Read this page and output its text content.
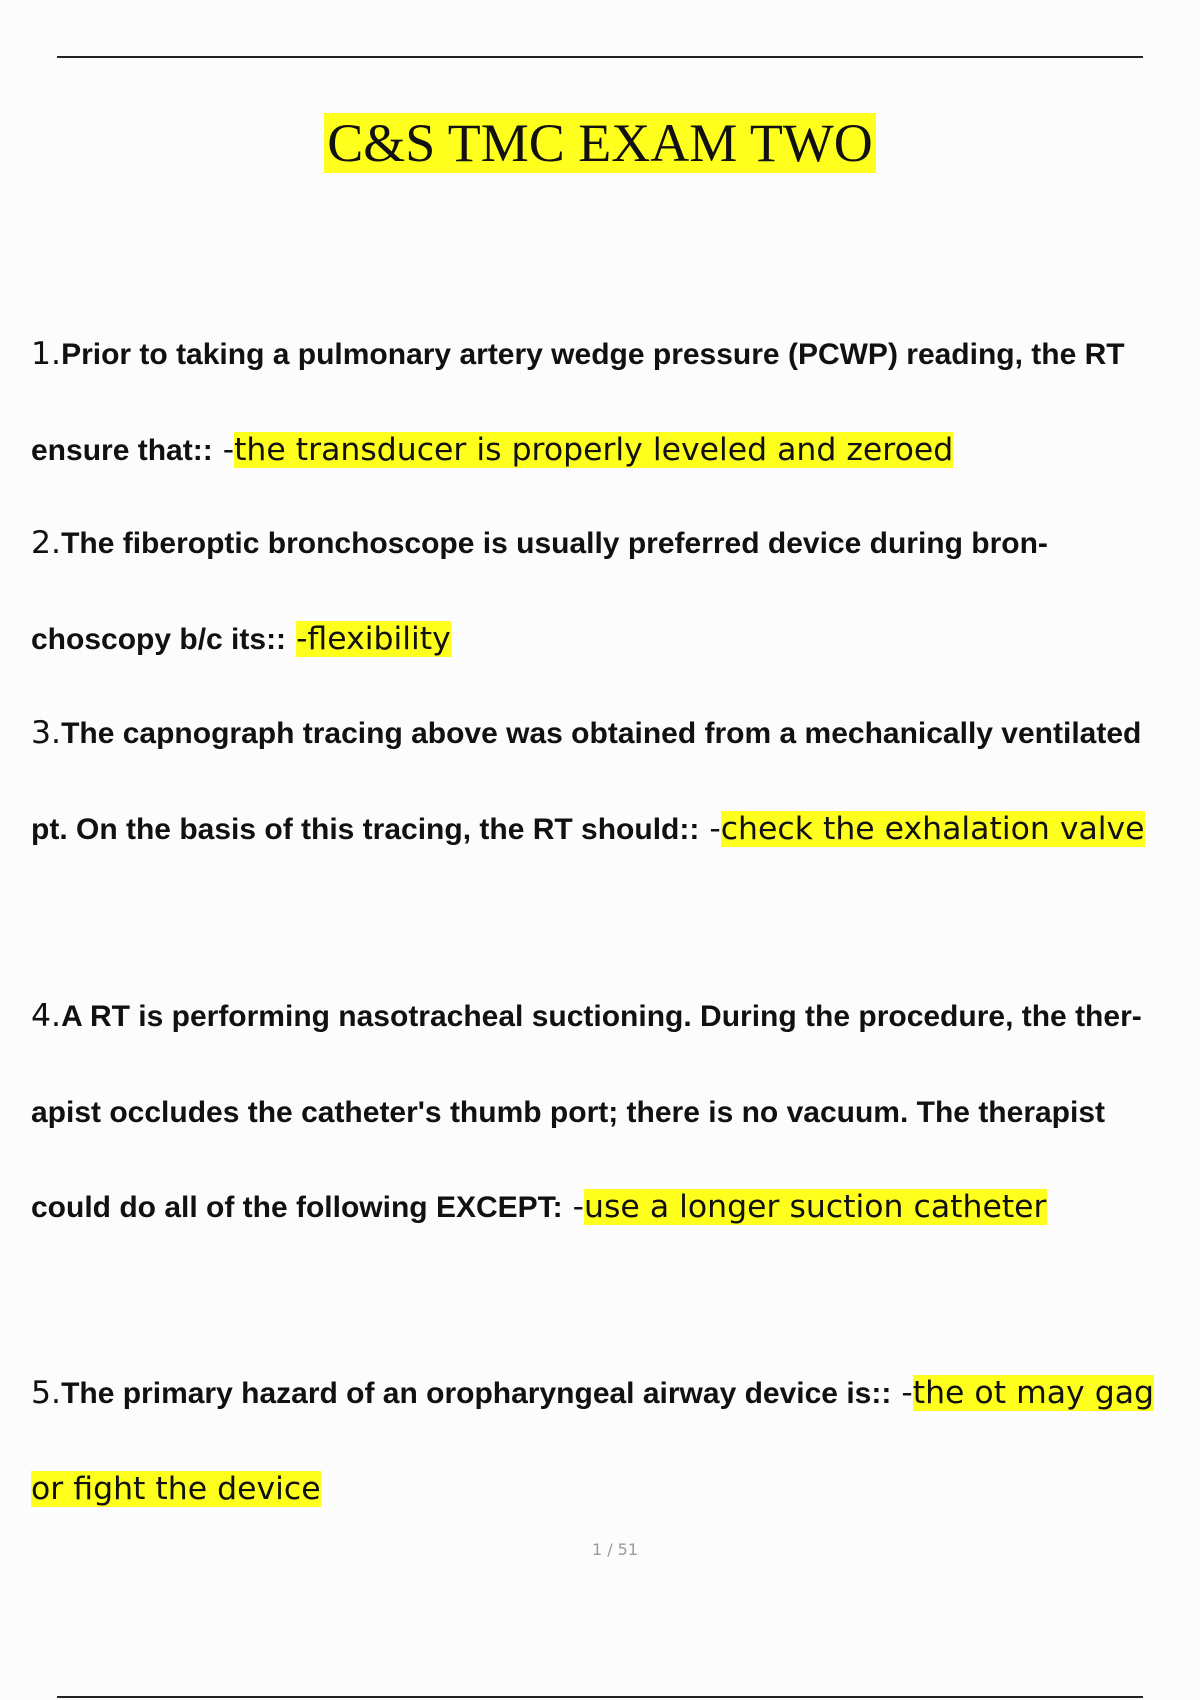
C&S TMC EXAM TWO

1.Prior to taking a pulmonary artery wedge pressure (PCWP) reading, the RT ensure that:: -the transducer is properly leveled and zeroed

2.The fiberoptic bronchoscope is usually preferred device during bron- choscopy b/c its:: -flexibility

3.The capnograph tracing above was obtained from a mechanically ventilated pt. On the basis of this tracing, the RT should:: -check the exhalation valve

4.A RT is performing nasotracheal suctioning. During the procedure, the ther- apist occludes the catheter's thumb port; there is no vacuum. The therapist could do all of the following EXCEPT: -use a longer suction catheter

5.The primary hazard of an oropharyngeal airway device is:: -the ot may gag or fight the device

1 / 51
